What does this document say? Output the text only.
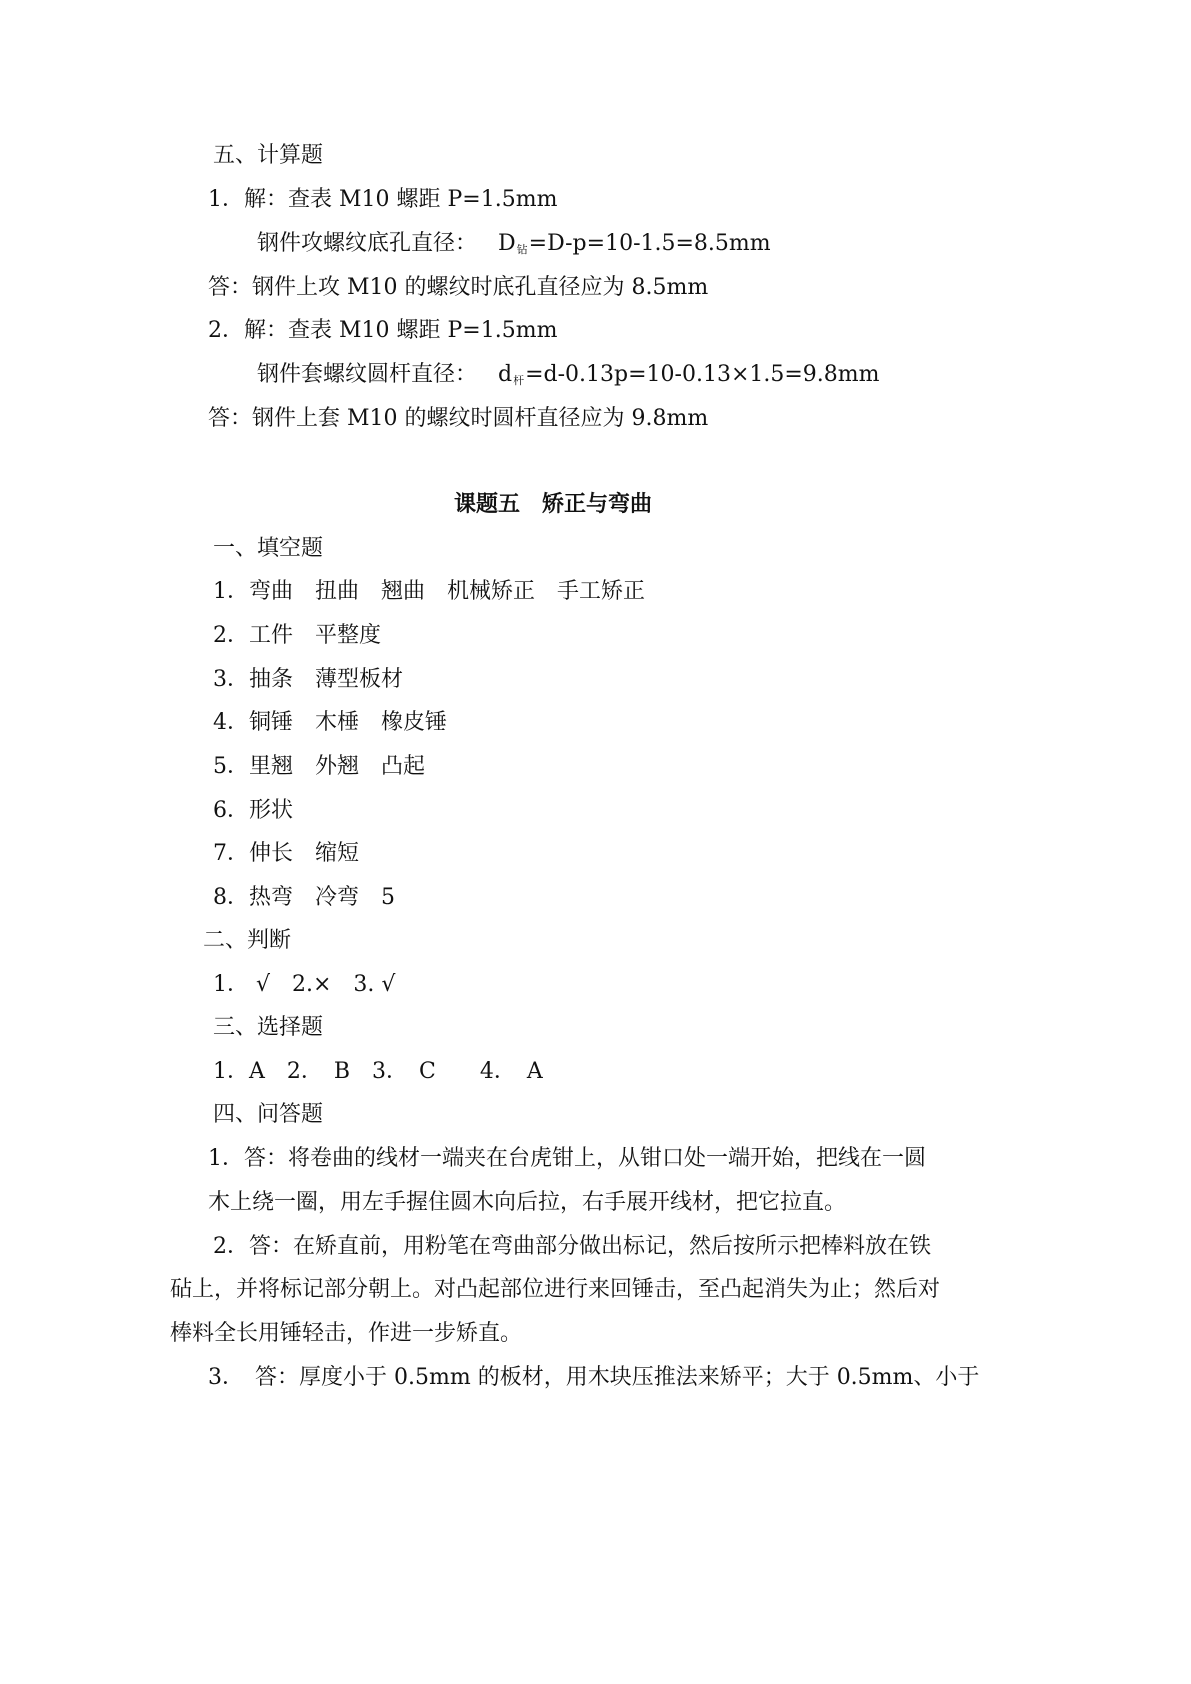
五、计算题
1．解：查表 M10 螺距 P=1.5mm
钢件攻螺纹底孔直径： $D_钻=D-p=10-1.5=8.5mm$
答：钢件上攻 M10 的螺纹时底孔直径应为 8.5mm
2．解：查表 M10 螺距 P=1.5mm
钢件套螺纹圆杆直径： $d_杆=d-0.13p=10-0.13\times 1.5=9.8mm$
答：钢件上套 M10 的螺纹时圆杆直径应为 9.8mm
课题五　矫正与弯曲
一、填空题
1．弯曲　扭曲　翘曲　机械矫正　手工矫正
2．工件　平整度
3．抽条　薄型板材
4．铜锤　木棰　橡皮锤
5．里翘　外翘　凸起
6．形状
7．伸长　缩短
8．热弯　冷弯　5
二、判断
1． √　2.×　3. √
三、选择题
1．A　2．　B　3．　C　　4．　A
四、问答题
1．答：将卷曲的线材一端夹在台虎钳上，从钳口处一端开始，把线在一圆
木上绕一圈，用左手握住圆木向后拉，右手展开线材，把它拉直。
2．答：在矫直前，用粉笔在弯曲部分做出标记，然后按所示把棒料放在铁
砧上，并将标记部分朝上。对凸起部位进行来回锤击，至凸起消失为止；然后对
棒料全长用锤轻击，作进一步矫直。
3．　答：厚度小于 0.5mm 的板材，用木块压推法来矫平；大于 0.5mm、小于
